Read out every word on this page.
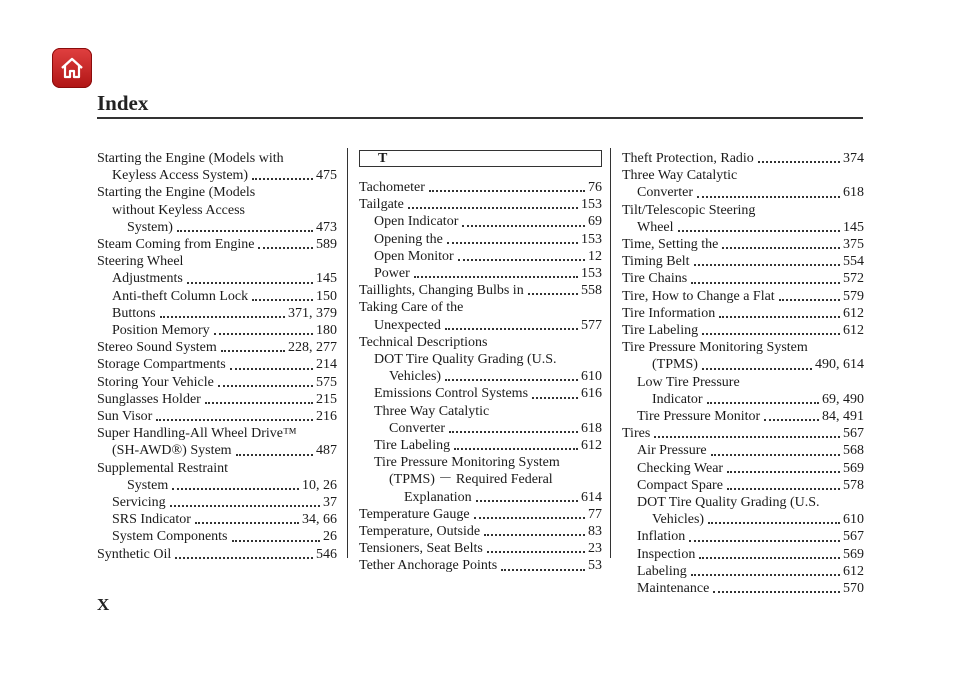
Index
Starting the Engine (Models with
Keyless Access System)	475
Starting the Engine (Models
without Keyless Access
System)	473
Steam Coming from Engine	589
Steering Wheel
Adjustments	145
Anti-theft Column Lock	150
Buttons	371, 379
Position Memory	180
Stereo Sound System	228, 277
Storage Compartments	214
Storing Your Vehicle	575
Sunglasses Holder	215
Sun Visor	216
Super Handling-All Wheel Drive™
(SH-AWD®) System	487
Supplemental Restraint
System	10, 26
Servicing	37
SRS Indicator	34, 66
System Components	26
Synthetic Oil	546
T
Tachometer	76
Tailgate	153
Open Indicator	69
Opening the	153
Open Monitor	12
Power	153
Taillights, Changing Bulbs in	558
Taking Care of the
Unexpected	577
Technical Descriptions
DOT Tire Quality Grading (U.S.
Vehicles)	610
Emissions Control Systems	616
Three Way Catalytic
Converter	618
Tire Labeling	612
Tire Pressure Monitoring System
(TPMS) － Required Federal
Explanation	614
Temperature Gauge	77
Temperature, Outside	83
Tensioners, Seat Belts	23
Tether Anchorage Points	53
Theft Protection, Radio	374
Three Way Catalytic
Converter	618
Tilt/Telescopic Steering
Wheel	145
Time, Setting the	375
Timing Belt	554
Tire Chains	572
Tire, How to Change a Flat	579
Tire Information	612
Tire Labeling	612
Tire Pressure Monitoring System
(TPMS)	490, 614
Low Tire Pressure
Indicator	69, 490
Tire Pressure Monitor	84, 491
Tires	567
Air Pressure	568
Checking Wear	569
Compact Spare	578
DOT Tire Quality Grading (U.S.
Vehicles)	610
Inflation	567
Inspection	569
Labeling	612
Maintenance	570
X
